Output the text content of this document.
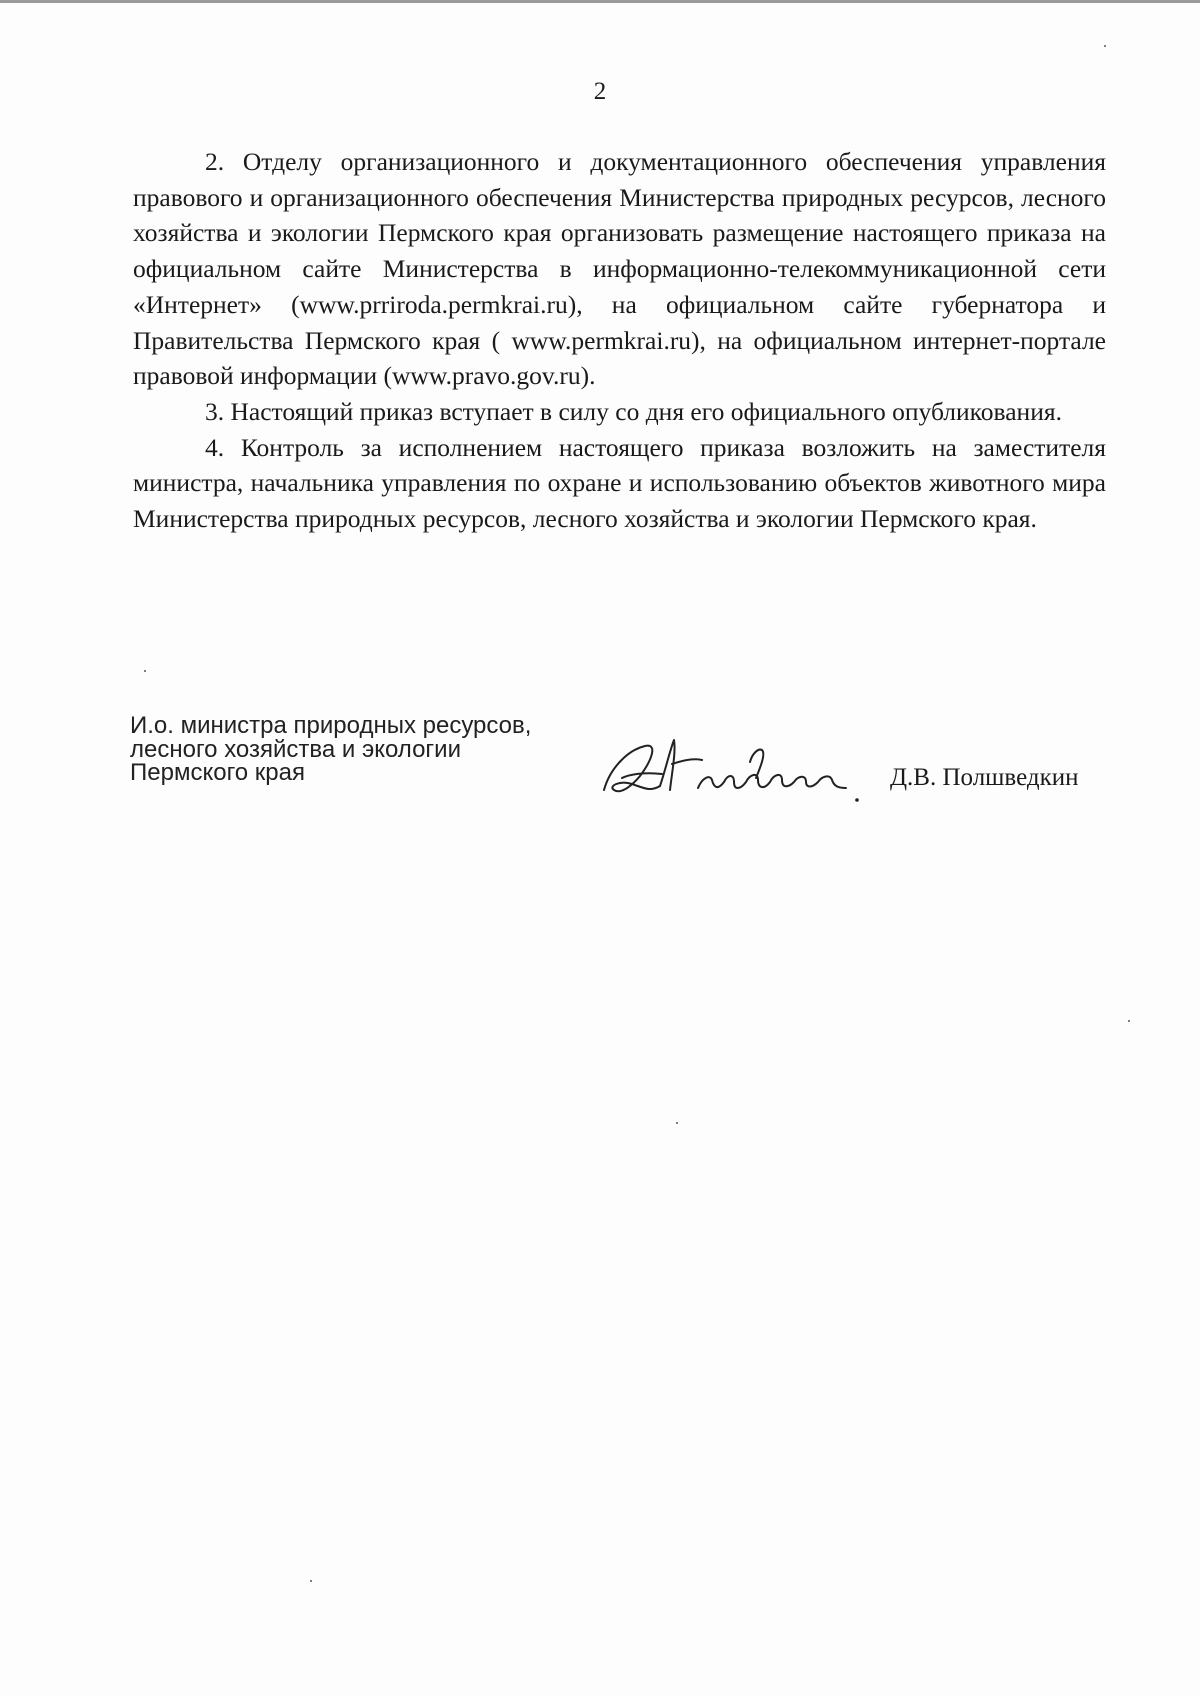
2

2. Отделу организационного и документационного обеспечения управления правового и организационного обеспечения Министерства природных ресурсов, лесного хозяйства и экологии Пермского края организовать размещение настоящего приказа на официальном сайте Министерства в информационно-телекоммуникационной сети «Интернет» (www.prriroda.permkrai.ru), на официальном сайте губернатора и Правительства Пермского края ( www.permkrai.ru), на официальном интернет-портале правовой информации (www.pravo.gov.ru).

3. Настоящий приказ вступает в силу со дня его официального опубликования.

4. Контроль за исполнением настоящего приказа возложить на заместителя министра, начальника управления по охране и использованию объектов животного мира Министерства природных ресурсов, лесного хозяйства и экологии Пермского края.

И.о. министра природных ресурсов,
лесного хозяйства и экологии
Пермского края	Д.В. Полшведкин
